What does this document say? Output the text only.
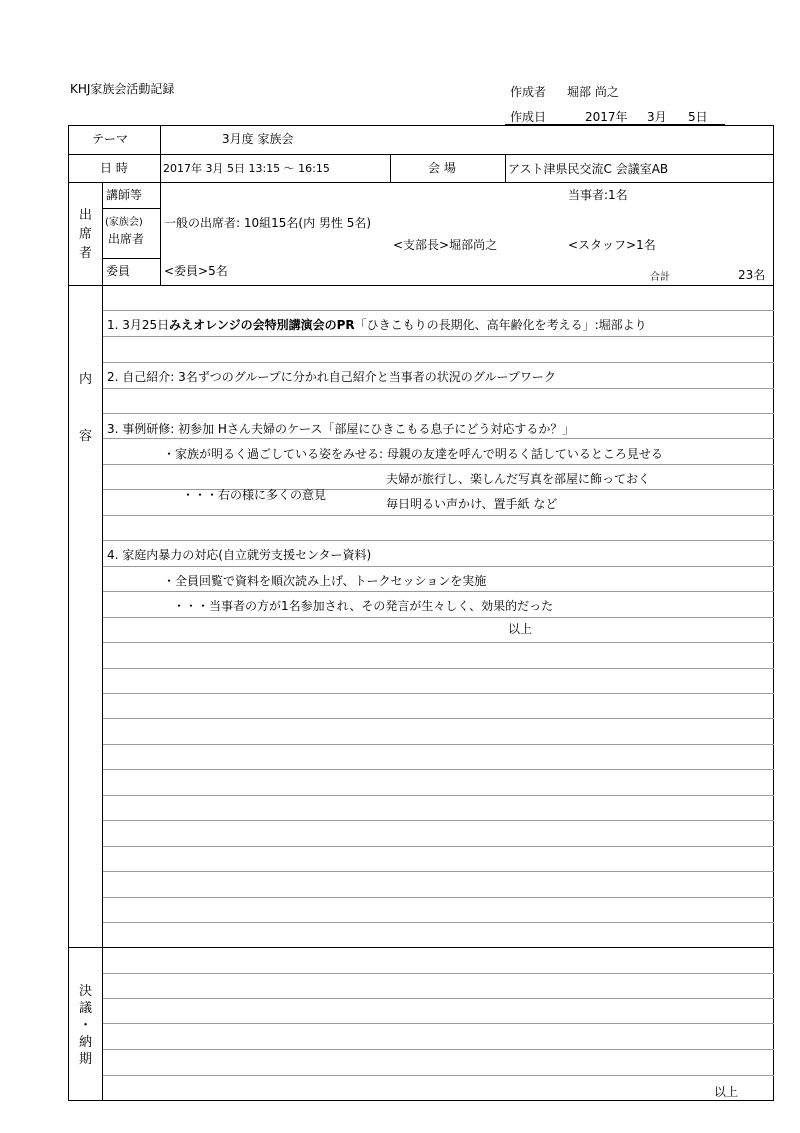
KHJ家族会活動記録	作成者 堀部 尚之
作成日	2017年 3月 5日
テーマ	3月度 家族会
日 時	2017年 3月 5日 13:15 ～ 16:15	会 場	アスト津県民交流C 会議室AB
出
席
者
講師等	当事者:1名
(家族会)
出席者
一般の出席者: 10組15名(内 男性 5名)
<支部長>堀部尚之	<スタッフ>1名
委員	<委員>5名	合計	23名
内
容
1. 3月25日みえオレンジの会特別講演会のPR「ひきこもりの長期化、高年齢化を考える」:堀部より
2. 自己紹介: 3名ずつのグループに分かれ自己紹介と当事者の状況のグループワーク
3. 事例研修: 初参加 Hさん夫婦のケース「部屋にひきこもる息子にどう対応するか？」
・家族が明るく過ごしている姿をみせる: 母親の友達を呼んで明るく話しているところ見せる
夫婦が旅行し、楽しんだ写真を部屋に飾っておく
・・・右の様に多くの意見
毎日明るい声かけ、置手紙 など
4. 家庭内暴力の対応(自立就労支援センター資料)
・全員回覧で資料を順次読み上げ、トークセッションを実施
・・・当事者の方が1名参加され、その発言が生々しく、効果的だった
以上
決
議
・
納
期
以上
